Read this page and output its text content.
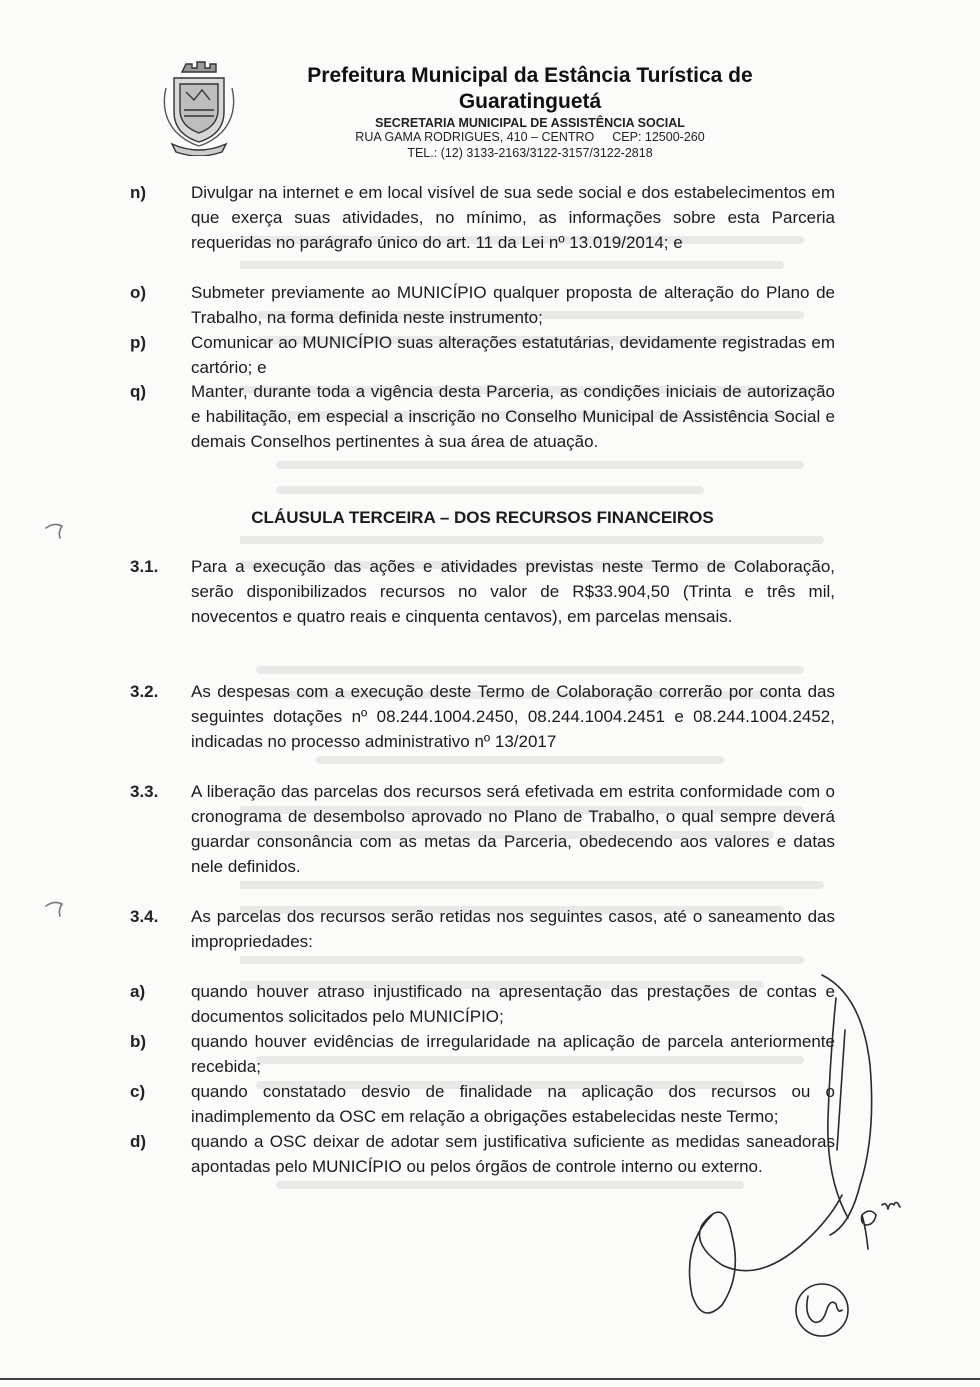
Prefeitura Municipal da Estância Turística de
Guaratinguetá
SECRETARIA MUNICIPAL DE ASSISTÊNCIA SOCIAL
RUA GAMA RODRIGUES, 410 – CENTRO CEP: 12500-260
TEL.: (12) 3133-2163/3122-3157/3122-2818
n)	Divulgar na internet e em local visível de sua sede social e dos estabelecimentos em que exerça suas atividades, no mínimo, as informações sobre esta Parceria requeridas no parágrafo único do art. 11 da Lei nº 13.019/2014; e
o)	Submeter previamente ao MUNICÍPIO qualquer proposta de alteração do Plano de Trabalho, na forma definida neste instrumento;
p)	Comunicar ao MUNICÍPIO suas alterações estatutárias, devidamente registradas em cartório; e
q)	Manter, durante toda a vigência desta Parceria, as condições iniciais de autorização e habilitação, em especial a inscrição no Conselho Municipal de Assistência Social e demais Conselhos pertinentes à sua área de atuação.
CLÁUSULA TERCEIRA – DOS RECURSOS FINANCEIROS
3.1.	Para a execução das ações e atividades previstas neste Termo de Colaboração, serão disponibilizados recursos no valor de R$33.904,50 (Trinta e três mil, novecentos e quatro reais e cinquenta centavos), em parcelas mensais.
3.2.	As despesas com a execução deste Termo de Colaboração correrão por conta das seguintes dotações nº 08.244.1004.2450, 08.244.1004.2451 e 08.244.1004.2452, indicadas no processo administrativo nº 13/2017
3.3.	A liberação das parcelas dos recursos será efetivada em estrita conformidade com o cronograma de desembolso aprovado no Plano de Trabalho, o qual sempre deverá guardar consonância com as metas da Parceria, obedecendo aos valores e datas nele definidos.
3.4.	As parcelas dos recursos serão retidas nos seguintes casos, até o saneamento das impropriedades:
a)	quando houver atraso injustificado na apresentação das prestações de contas e documentos solicitados pelo MUNICÍPIO;
b)	quando houver evidências de irregularidade na aplicação de parcela anteriormente recebida;
c)	quando constatado desvio de finalidade na aplicação dos recursos ou o inadimplemento da OSC em relação a obrigações estabelecidas neste Termo;
d)	quando a OSC deixar de adotar sem justificativa suficiente as medidas saneadoras apontadas pelo MUNICÍPIO ou pelos órgãos de controle interno ou externo.
